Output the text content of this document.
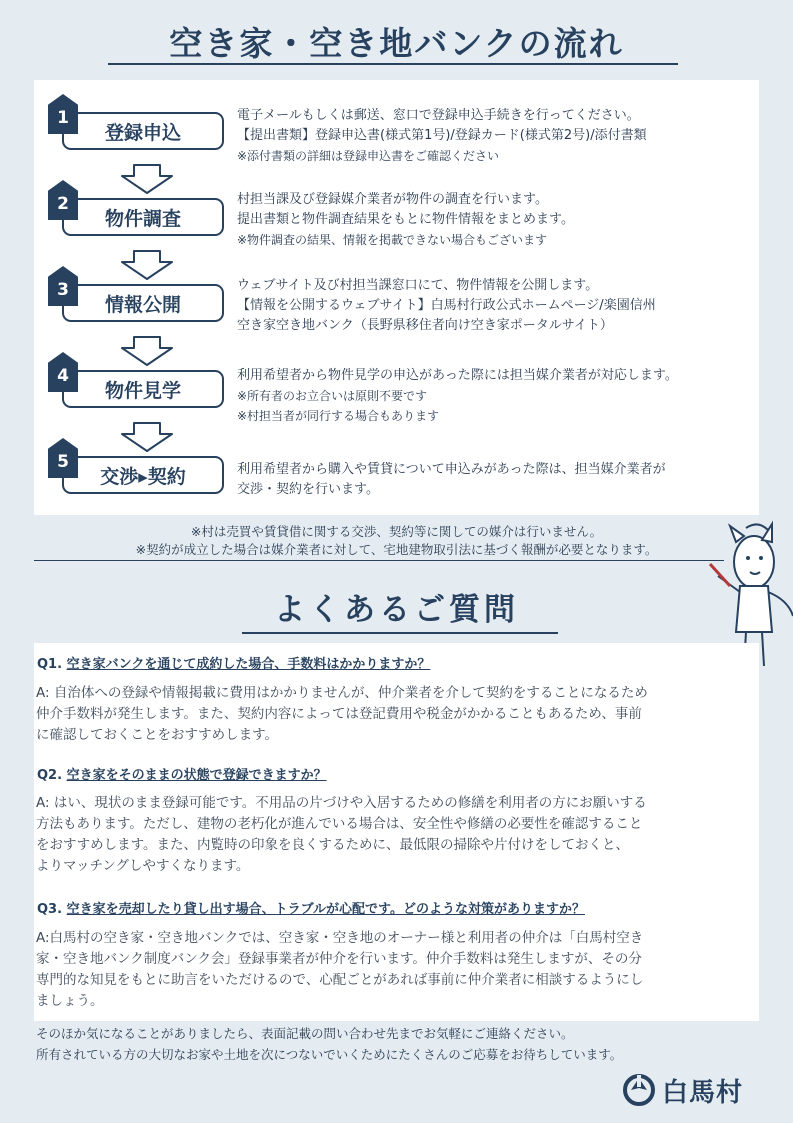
空き家・空き地バンクの流れ
登録申込
1	電子メールもしくは郵送、窓口で登録申込手続きを行ってください。
【提出書類】登録申込書(様式第1号)/登録カード(様式第2号)/添付書類
※添付書類の詳細は登録申込書をご確認ください
物件調査
2	村担当課及び登録媒介業者が物件の調査を行います。
提出書類と物件調査結果をもとに物件情報をまとめます。
※物件調査の結果、情報を掲載できない場合もございます
情報公開
3	ウェブサイト及び村担当課窓口にて、物件情報を公開します。
【情報を公開するウェブサイト】白馬村行政公式ホームページ/楽園信州
空き家空き地バンク（長野県移住者向け空き家ポータルサイト）
物件見学
4	利用希望者から物件見学の申込があった際には担当媒介業者が対応します。
※所有者のお立合いは原則不要です
※村担当者が同行する場合もあります
交渉▸契約
5	利用希望者から購入や賃貸について申込みがあった際は、担当媒介業者が
交渉・契約を行います。
※村は売買や賃貸借に関する交渉、契約等に関しての媒介は行いません。
※契約が成立した場合は媒介業者に対して、宅地建物取引法に基づく報酬が必要となります。
よくあるご質問
Q1. 空き家バンクを通じて成約した場合、手数料はかかりますか？
A: 自治体への登録や情報掲載に費用はかかりませんが、仲介業者を介して契約をすることになるため
仲介手数料が発生します。また、契約内容によっては登記費用や税金がかかることもあるため、事前
に確認しておくことをおすすめします。
Q2. 空き家をそのままの状態で登録できますか？
A: はい、現状のまま登録可能です。不用品の片づけや入居するための修繕を利用者の方にお願いする
方法もあります。ただし、建物の老朽化が進んでいる場合は、安全性や修繕の必要性を確認すること
をおすすめします。また、内覧時の印象を良くするために、最低限の掃除や片付けをしておくと、
よりマッチングしやすくなります。
Q3. 空き家を売却したり貸し出す場合、トラブルが心配です。どのような対策がありますか？
A:白馬村の空き家・空き地バンクでは、空き家・空き地のオーナー様と利用者の仲介は「白馬村空き
家・空き地バンク制度バンク会」登録事業者が仲介を行います。仲介手数料は発生しますが、その分
専門的な知見をもとに助言をいただけるので、心配ごとがあれば事前に仲介業者に相談するようにし
ましょう。
そのほか気になることがありましたら、表面記載の問い合わせ先までお気軽にご連絡ください。
所有されている方の大切なお家や土地を次につないでいくためにたくさんのご応募をお待ちしています。
白馬村
